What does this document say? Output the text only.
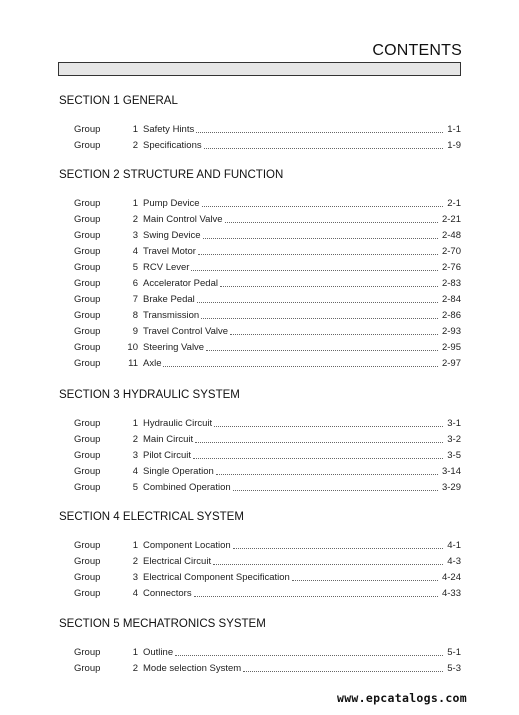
CONTENTS
SECTION 1 GENERAL
Group	1 Safety Hints	1-1
Group	2 Specifications	1-9
SECTION 2 STRUCTURE AND FUNCTION
Group	1 Pump Device	2-1
Group	2 Main Control Valve	2-21
Group	3 Swing Device	2-48
Group	4 Travel Motor	2-70
Group	5 RCV Lever	2-76
Group	6 Accelerator Pedal	2-83
Group	7 Brake Pedal	2-84
Group	8 Transmission	2-86
Group	9 Travel Control Valve	2-93
Group	10 Steering Valve	2-95
Group	11 Axle	2-97
SECTION 3 HYDRAULIC SYSTEM
Group	1 Hydraulic Circuit	3-1
Group	2 Main Circuit	3-2
Group	3 Pilot Circuit	3-5
Group	4 Single Operation	3-14
Group	5 Combined Operation	3-29
SECTION 4 ELECTRICAL SYSTEM
Group	1 Component Location	4-1
Group	2 Electrical Circuit	4-3
Group	3 Electrical Component Specification	4-24
Group	4 Connectors	4-33
SECTION 5 MECHATRONICS SYSTEM
Group	1 Outline	5-1
Group	2 Mode selection System	5-3
www.epcatalogs.com
